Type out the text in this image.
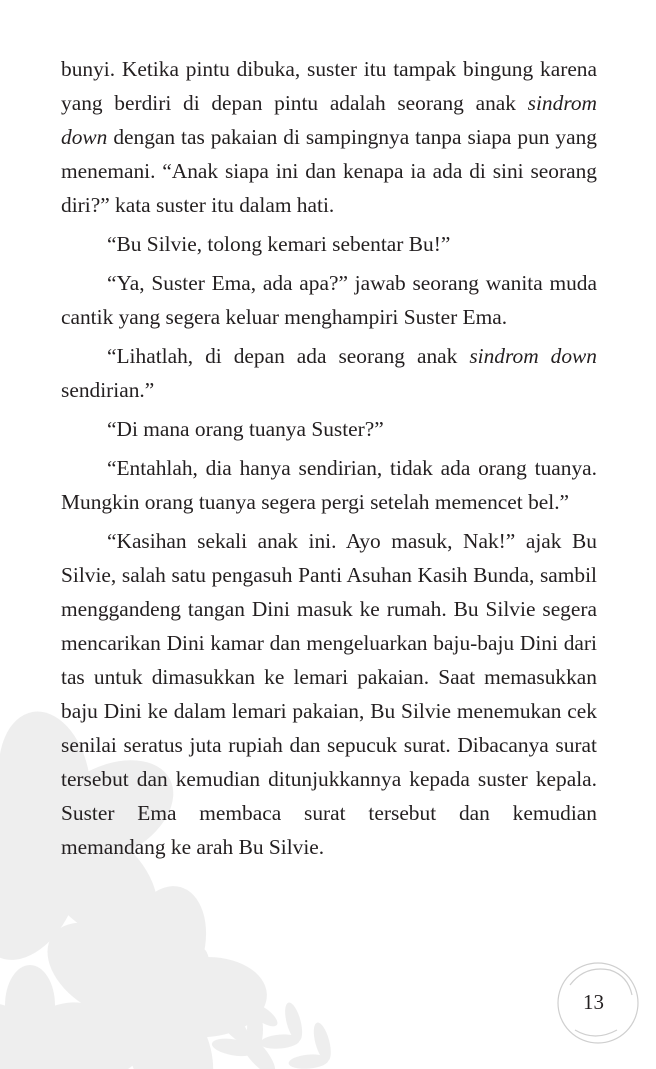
bunyi. Ketika pintu dibuka, suster itu tampak bingung karena yang berdiri di depan pintu adalah seorang anak sindrom down dengan tas pakaian di sampingnya tanpa siapa pun yang menemani. “Anak siapa ini dan kenapa ia ada di sini seorang diri?” kata suster itu dalam hati.

“Bu Silvie, tolong kemari sebentar Bu!”

“Ya, Suster Ema, ada apa?” jawab seorang wanita muda cantik yang segera keluar menghampiri Suster Ema.

“Lihatlah, di depan ada seorang anak sindrom down sendirian.”

“Di mana orang tuanya Suster?”

“Entahlah, dia hanya sendirian, tidak ada orang tuanya. Mungkin orang tuanya segera pergi setelah memencet bel.”

“Kasihan sekali anak ini. Ayo masuk, Nak!” ajak Bu Silvie, salah satu pengasuh Panti Asuhan Kasih Bunda, sambil menggandeng tangan Dini masuk ke rumah. Bu Silvie segera mencarikan Dini kamar dan mengeluarkan baju-baju Dini dari tas untuk dimasukkan ke lemari pakaian. Saat memasukkan baju Dini ke dalam lemari pakaian, Bu Silvie menemukan cek senilai seratus juta rupiah dan sepucuk surat. Dibacanya surat tersebut dan kemudian ditunjukkannya kepada suster kepala. Suster Ema membaca surat tersebut dan kemudian memandang ke arah Bu Silvie.

13
